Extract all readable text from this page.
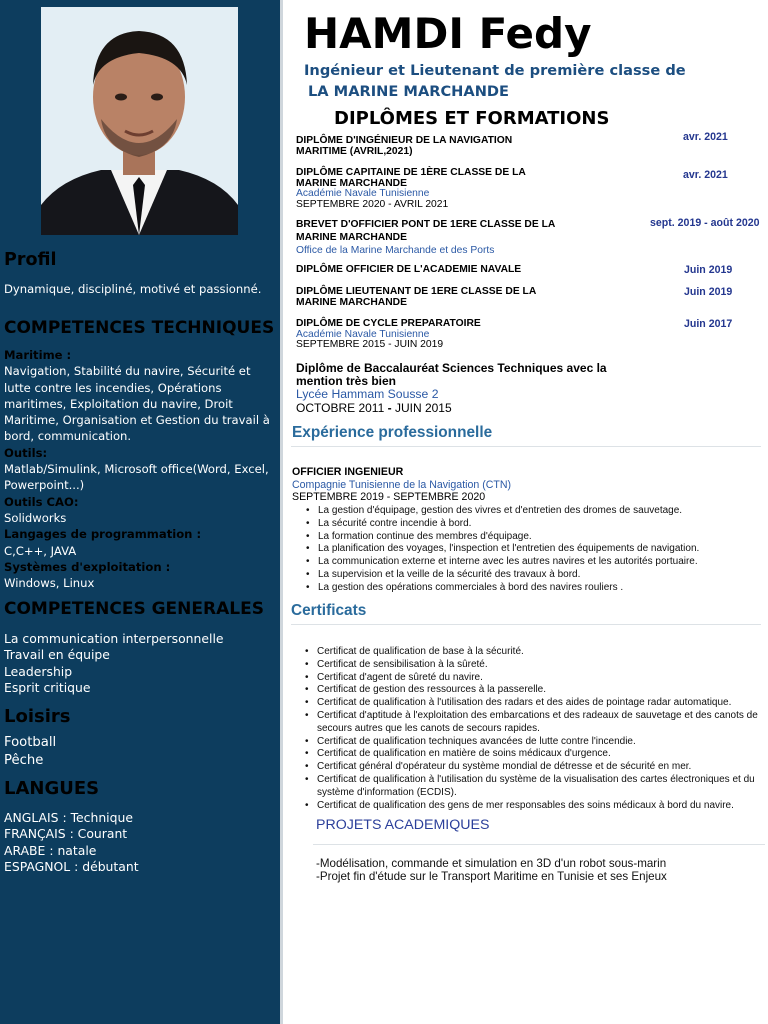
Profil
Dynamique, discipliné, motivé et passionné.
COMPETENCES TECHNIQUES
Maritime :
Navigation, Stabilité du navire, Sécurité et lutte contre les incendies, Opérations maritimes, Exploitation du navire, Droit Maritime, Organisation et Gestion du travail à bord, communication.
Outils:
Matlab/Simulink, Microsoft office(Word, Excel, Powerpoint...)
Outils CAO:
Solidworks
Langages de programmation :
C,C++, JAVA
Systèmes d'exploitation :
Windows, Linux
COMPETENCES GENERALES
La communication interpersonnelle
Travail en équipe
Leadership
Esprit critique
Loisirs
Football
Pêche
LANGUES
ANGLAIS : Technique
FRANÇAIS : Courant
ARABE : natale
ESPAGNOL : débutant
HAMDI Fedy
Ingénieur et Lieutenant de première classe de
LA MARINE MARCHANDE
DIPLÔMES ET FORMATIONS
DIPLÔME D'INGÉNIEUR DE LA NAVIGATION MARITIME (AVRIL,2021)
avr. 2021
DIPLÔME CAPITAINE DE 1ÈRE CLASSE DE LA MARINE MARCHANDE
Académie Navale Tunisienne
SEPTEMBRE 2020 - AVRIL 2021
avr. 2021
BREVET D'OFFICIER PONT DE 1ERE CLASSE DE LA MARINE MARCHANDE
Office de la Marine Marchande et des Ports
sept. 2019 - août 2020
DIPLÔME OFFICIER DE L'ACADEMIE NAVALE	Juin 2019
DIPLÔME LIEUTENANT DE 1ERE CLASSE DE LA MARINE MARCHANDE
Juin 2019
DIPLÔME DE CYCLE PREPARATOIRE
Académie Navale Tunisienne
SEPTEMBRE 2015 - JUIN 2019
Juin 2017
Diplôme de Baccalauréat Sciences Techniques avec la mention très bien
Lycée Hammam Sousse 2
OCTOBRE 2011 - JUIN 2015
Expérience professionnelle
OFFICIER INGENIEUR
Compagnie Tunisienne de la Navigation (CTN)
SEPTEMBRE 2019 - SEPTEMBRE 2020
• La gestion d'équipage, gestion des vivres et d'entretien des dromes de sauvetage.
• La sécurité contre incendie à bord.
• La formation continue des membres d'équipage.
• La planification des voyages, l'inspection et l'entretien des équipements de navigation.
• La communication externe et interne avec les autres navires et les autorités portuaire.
• La supervision et la veille de la sécurité des travaux à bord.
• La gestion des opérations commerciales à bord des navires rouliers .
Certificats
• Certificat de qualification de base à la sécurité.
• Certificat de sensibilisation à la sûreté.
• Certificat d'agent de sûreté du navire.
• Certificat de gestion des ressources à la passerelle.
• Certificat de qualification à l'utilisation des radars et des aides de pointage radar automatique.
• Certificat d'aptitude à l'exploitation des embarcations et des radeaux de sauvetage et des canots de secours autres que les canots de secours rapides.
• Certificat de qualification techniques avancées de lutte contre l'incendie.
• Certificat de qualification en matière de soins médicaux d'urgence.
• Certificat général d'opérateur du système mondial de détresse et de sécurité en mer.
• Certificat de qualification à l'utilisation du système de la visualisation des cartes électroniques et du système d'information (ECDIS).
• Certificat de qualification des gens de mer responsables des soins médicaux à bord du navire.
PROJETS ACADEMIQUES
-Modélisation, commande et simulation en 3D d'un robot sous-marin
-Projet fin d'étude sur le Transport Maritime en Tunisie et ses Enjeux
